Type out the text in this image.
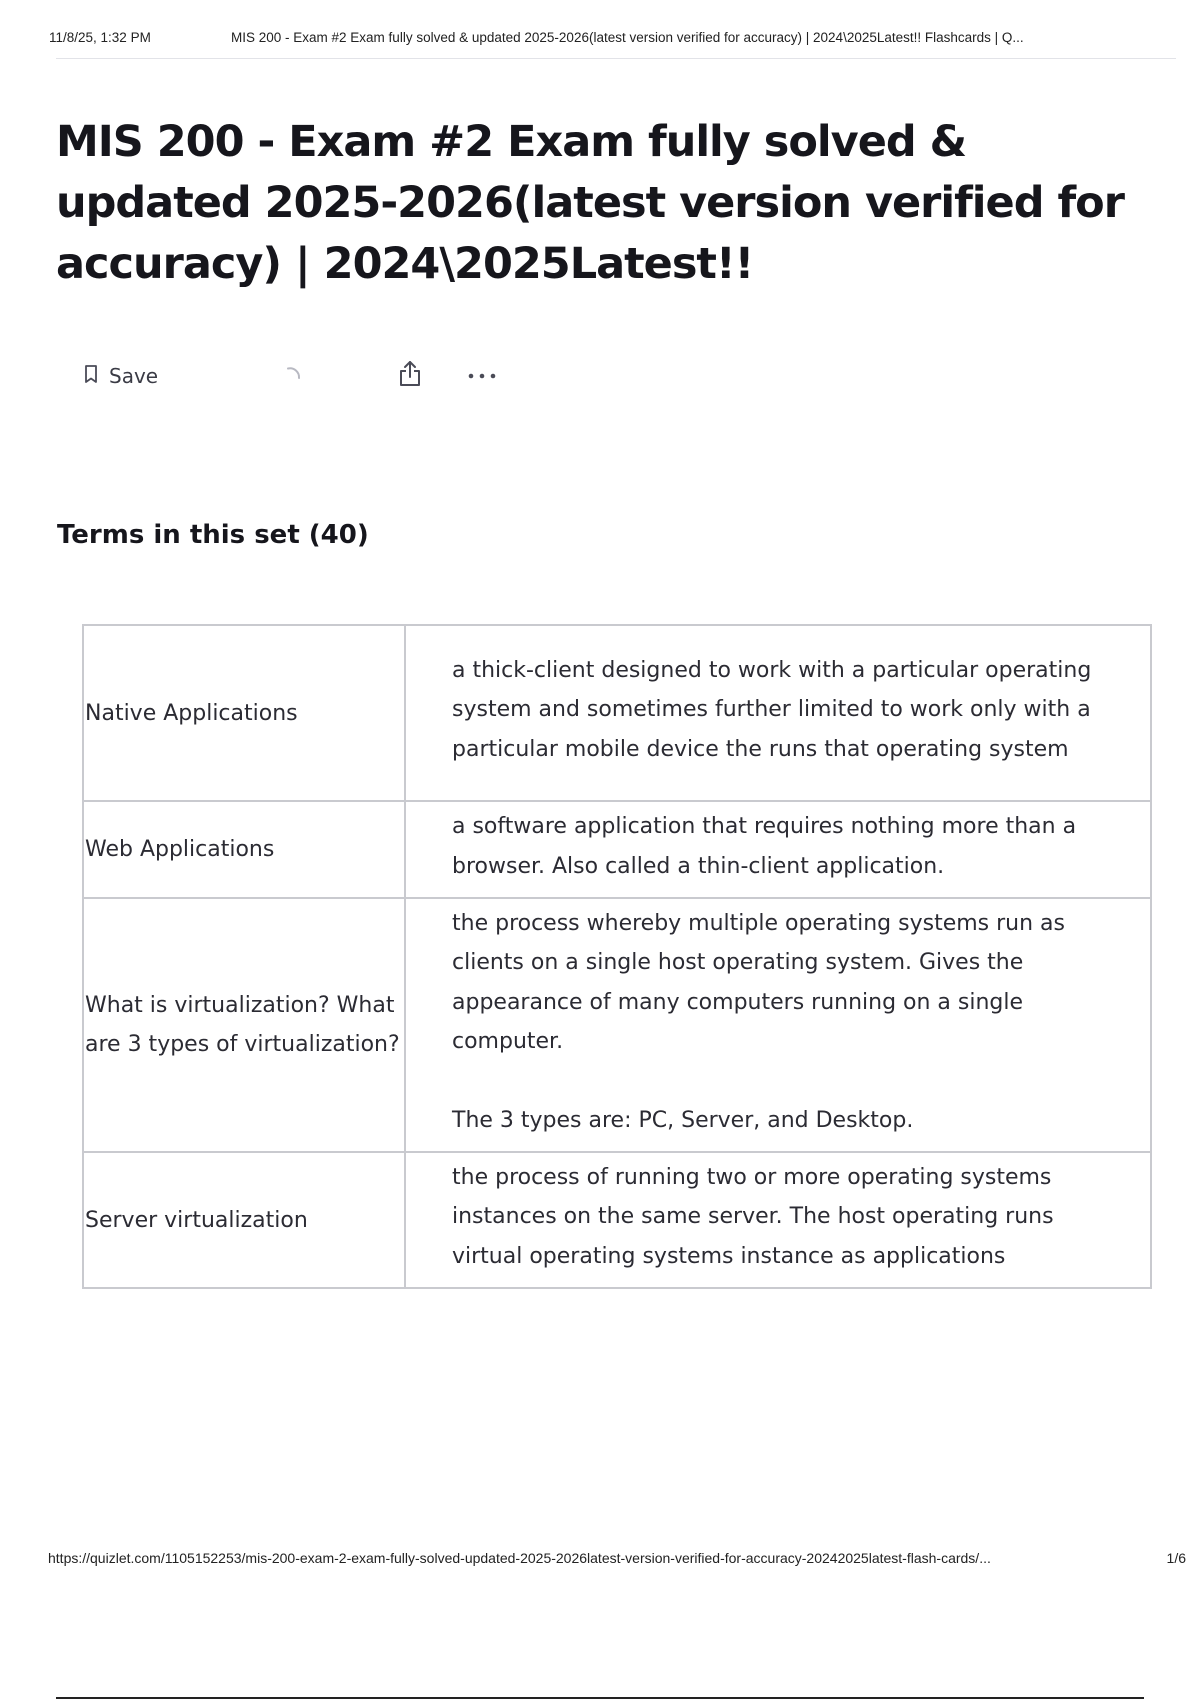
11/8/25, 1:32 PM	MIS 200 - Exam #2 Exam fully solved & updated 2025-2026(latest version verified for accuracy) | 2024\2025Latest!! Flashcards | Q...
MIS 200 - Exam #2 Exam fully solved & updated 2025-2026(latest version verified for accuracy) | 2024\2025Latest!!
Save
Terms in this set (40)
Native Applications	a thick-client designed to work with a particular operating system and sometimes further limited to work only with a particular mobile device the runs that operating system
Web Applications	a software application that requires nothing more than a browser. Also called a thin-client application.
What is virtualization? What are 3 types of virtualization?	the process whereby multiple operating systems run as clients on a single host operating system. Gives the appearance of many computers running on a single computer.

The 3 types are: PC, Server, and Desktop.
Server virtualization	the process of running two or more operating systems instances on the same server. The host operating runs virtual operating systems instance as applications
https://quizlet.com/1105152253/mis-200-exam-2-exam-fully-solved-updated-2025-2026latest-version-verified-for-accuracy-20242025latest-flash-cards/...	1/6
